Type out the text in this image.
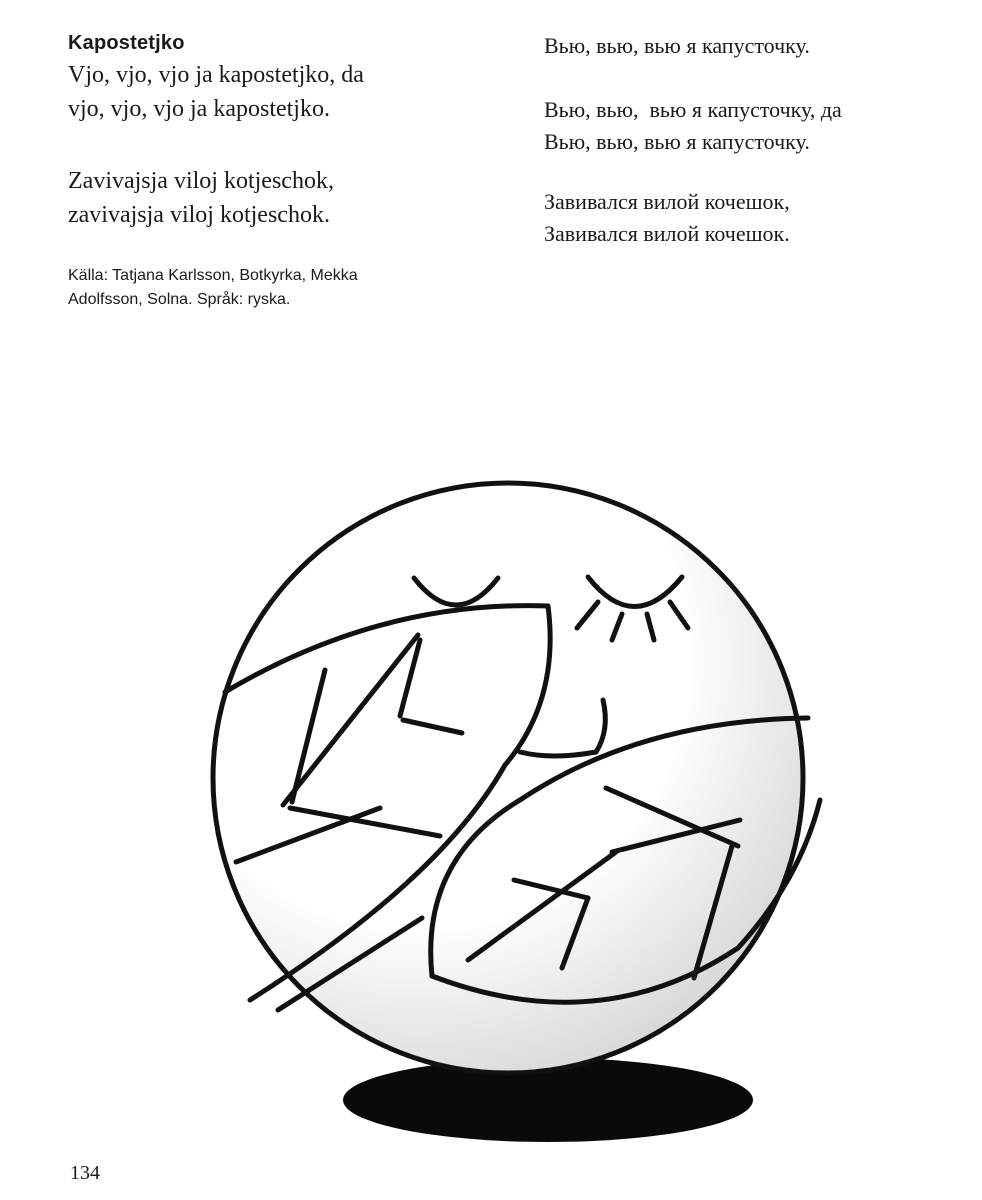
Kapostetjko
Vjo, vjo, vjo ja kapostetjko, da
vjo, vjo, vjo ja kapostetjko.
Zavivajsja viloj kotjeschok,
zavivajsja viloj kotjeschok.
Källa: Tatjana Karlsson, Botkyrka, Mekka
Adolfsson, Solna. Språk: ryska.
Вью, вью, вью я капусточку.
Вью, вью,  вью я капусточку, да
Вью, вью, вью я капусточку.
Завивался вилой кочешок,
Завивался вилой кочешок.
134
